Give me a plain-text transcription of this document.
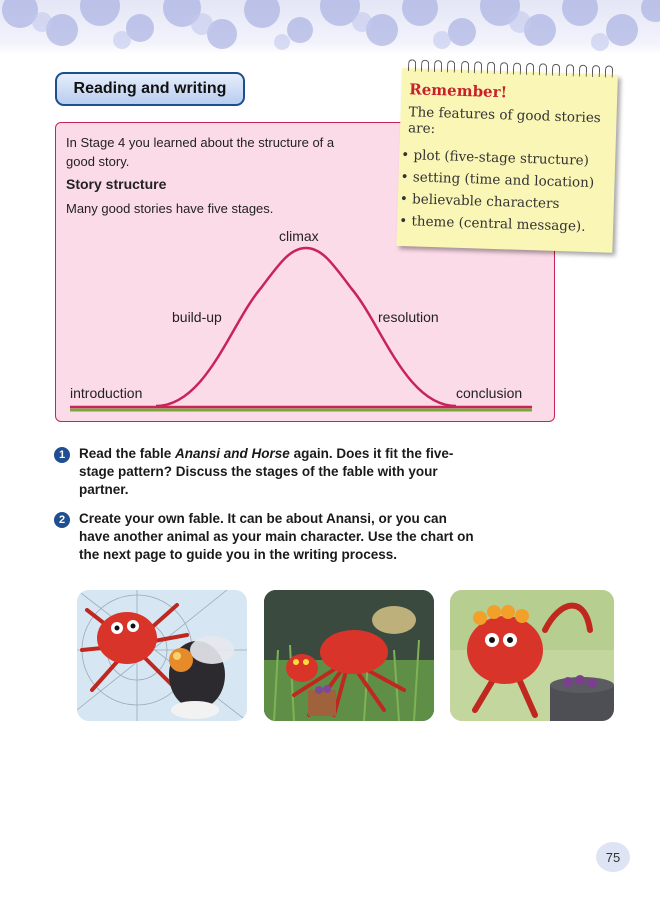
Reading and writing

In Stage 4 you learned about the structure of a good story.

Story structure

Many good stories have five stages.

introduction
build-up
climax
resolution
conclusion
Remember!
The features of good stories are:
• plot (five-stage structure)
• setting (time and location)
• believable characters
• theme (central message).
1	Read the fable Anansi and Horse again. Does it fit the five-stage pattern? Discuss the stages of the fable with your partner.
2	Create your own fable. It can be about Anansi, or you can have another animal as your main character. Use the chart on the next page to guide you in the writing process.
75
